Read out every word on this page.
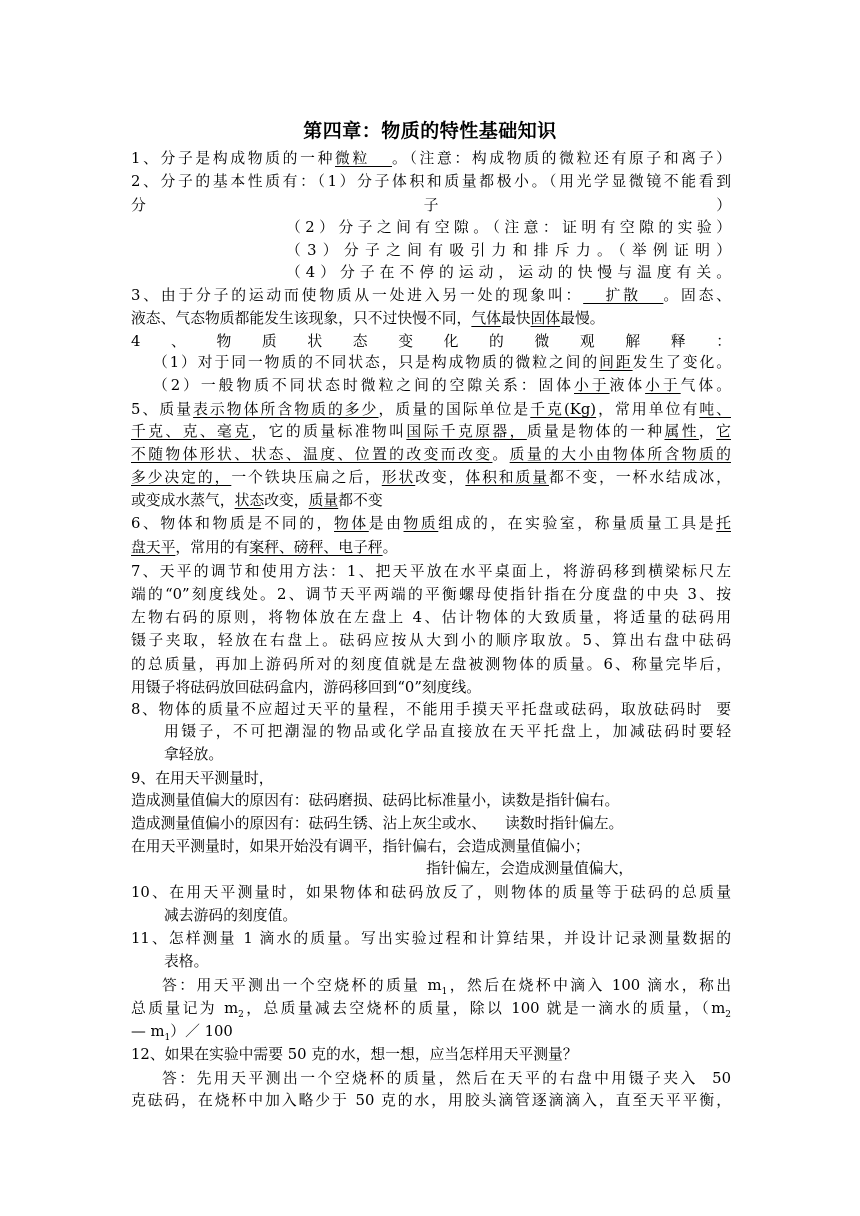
第四章：物质的特性基础知识
1、分子是构成物质的一种微粒   。（注意：构成物质的微粒还有原子和离子）
2、分子的基本性质有：（1）分子体积和质量都极小。（用光学显微镜不能看到
分子）
（2）分子之间有空隙。（注意：证明有空隙的实验）
（3）分子之间有吸引力和排斥力。（举例证明）
（4）分子在不停的运动，运动的快慢与温度有关。
3、由于分子的运动而使物质从一处进入另一处的现象叫：   扩散   。固态、
液态、气态物质都能发生该现象，只不过快慢不同，气体最快固体最慢。
4、物质状态变化的微观解释：
（1）对于同一物质的不同状态，只是构成物质的微粒之间的间距发生了变化。
（2）一般物质不同状态时微粒之间的空隙关系：固体小于液体小于气体。
5、质量表示物体所含物质的多少，质量的国际单位是千克(Kg)，常用单位有吨、
千克、克、毫克，它的质量标准物叫国际千克原器，质量是物体的一种属性，它
不随物体形状、状态、温度、位置的改变而改变。质量的大小由物体所含物质的
多少决定的，一个铁块压扁之后，形状改变，体积和质量都不变，一杯水结成冰，
或变成水蒸气，状态改变，质量都不变
6、物体和物质是不同的，物体是由物质组成的，在实验室，称量质量工具是托
盘天平，常用的有案秤、磅秤、电子秤。
7、天平的调节和使用方法：1、把天平放在水平桌面上，将游码移到横梁标尺左
端的“0”刻度线处。2、调节天平两端的平衡螺母使指针指在分度盘的中央 3、按
左物右码的原则，将物体放在左盘上 4、估计物体的大致质量，将适量的砝码用
镊子夹取，轻放在右盘上。砝码应按从大到小的顺序取放。5、算出右盘中砝码
的总质量，再加上游码所对的刻度值就是左盘被测物体的质量。6、称量完毕后，
用镊子将砝码放回砝码盒内，游码移回到“0”刻度线。
8、物体的质量不应超过天平的量程，不能用手摸天平托盘或砝码，取放砝码时  要
用镊子，不可把潮湿的物品或化学品直接放在天平托盘上，加减砝码时要轻
拿轻放。
9、在用天平测量时，
造成测量值偏大的原因有：砝码磨损、砝码比标准量小，读数是指针偏右。
造成测量值偏小的原因有：砝码生锈、沾上灰尘或水、    读数时指针偏左。
在用天平测量时，如果开始没有调平，指针偏右，会造成测量值偏小；
指针偏左，会造成测量值偏大，
10、在用天平测量时，如果物体和砝码放反了，则物体的质量等于砝码的总质量
减去游码的刻度值。
11、怎样测量 1 滴水的质量。写出实验过程和计算结果，并设计记录测量数据的
表格。
答：用天平测出一个空烧杯的质量 $m_1$，然后在烧杯中滴入 100 滴水，称出
总质量记为 $m_2$，总质量减去空烧杯的质量，除以 100 就是一滴水的质量，（$m_2$
— $m_1)/$ 100
12、如果在实验中需要 50 克的水，想一想，应当怎样用天平测量？
答：先用天平测出一个空烧杯的质量，然后在天平的右盘中用镊子夹入  50
克砝码，在烧杯中加入略少于 50 克的水，用胶头滴管逐滴滴入，直至天平平衡，
